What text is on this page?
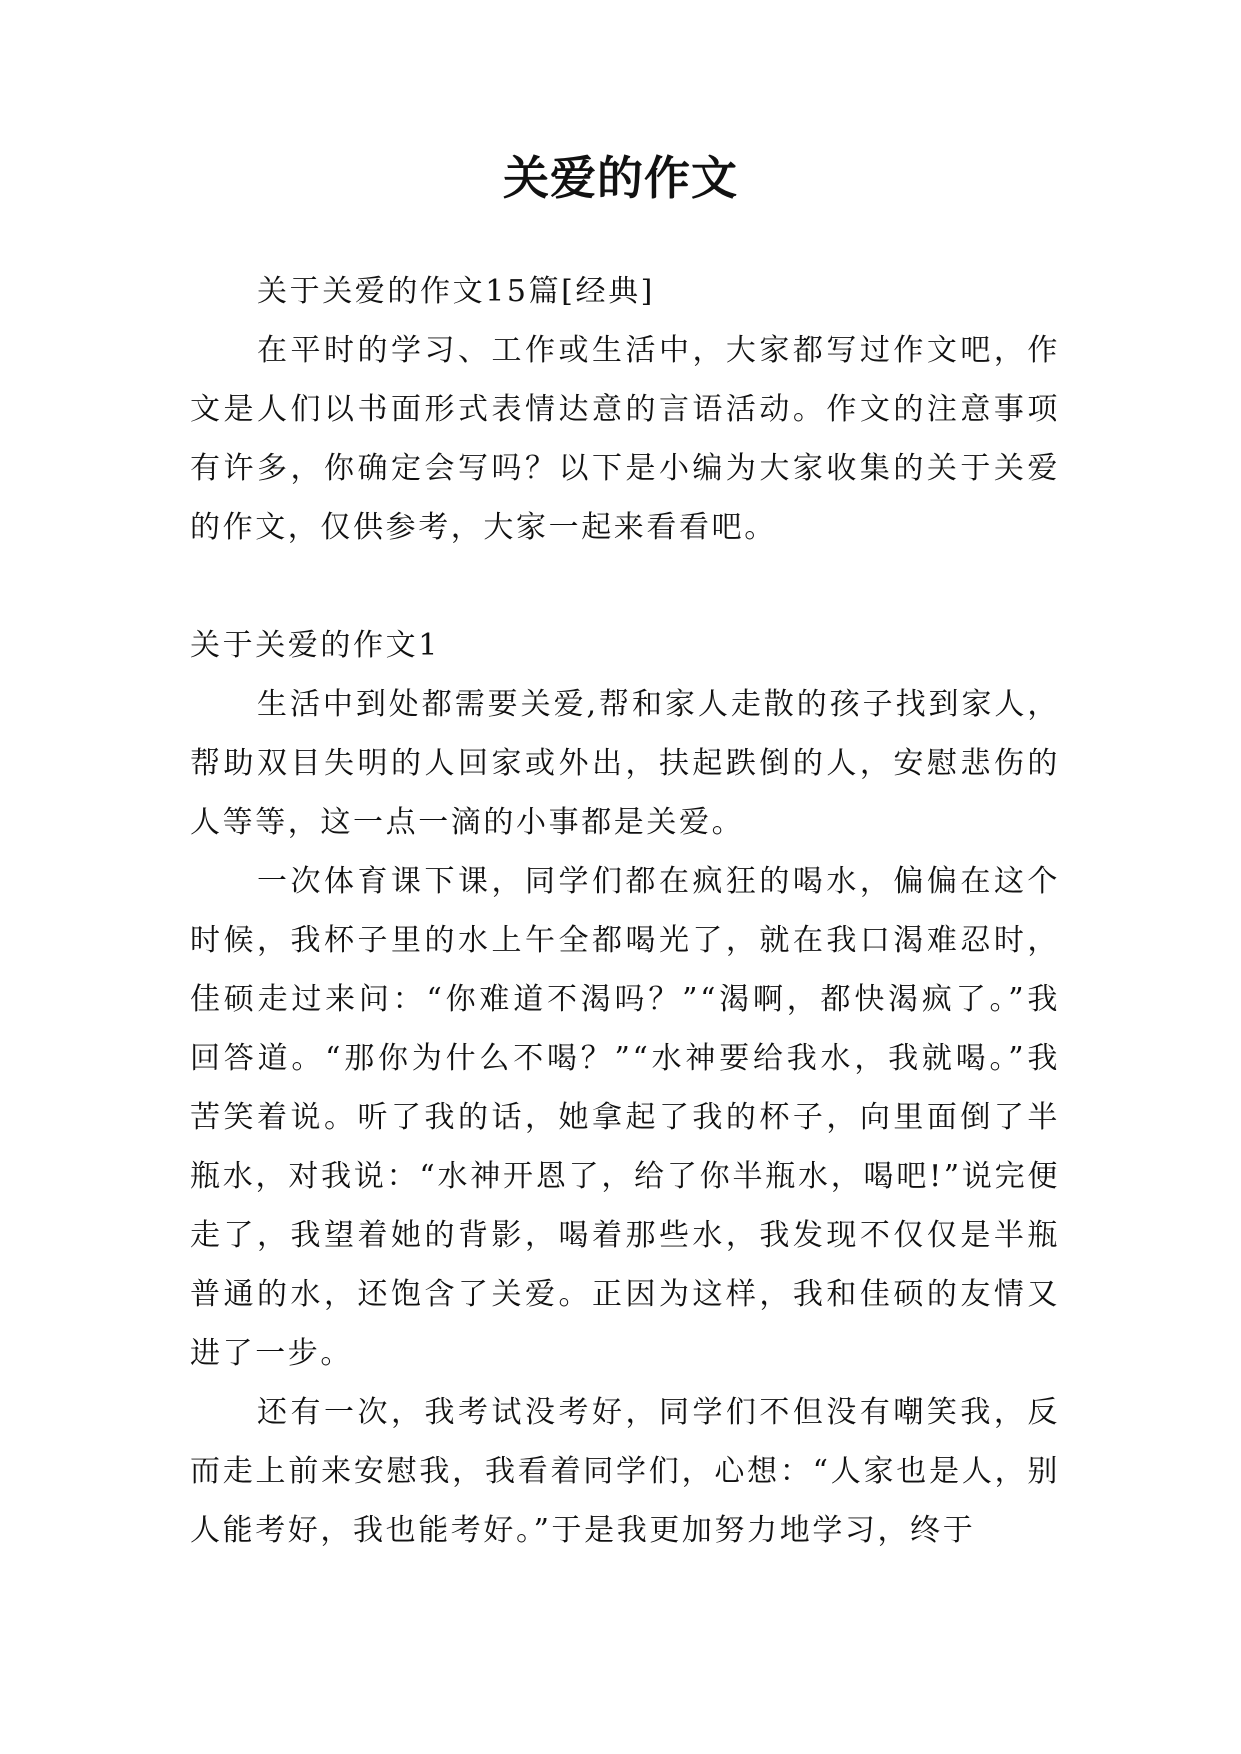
关爱的作文

关于关爱的作文15篇[经典]

在平时的学习、工作或生活中，大家都写过作文吧，作文是人们以书面形式表情达意的言语活动。作文的注意事项有许多，你确定会写吗？以下是小编为大家收集的关于关爱的作文，仅供参考，大家一起来看看吧。

关于关爱的作文1

生活中到处都需要关爱,帮和家人走散的孩子找到家人，帮助双目失明的人回家或外出，扶起跌倒的人，安慰悲伤的人等等，这一点一滴的小事都是关爱。

一次体育课下课，同学们都在疯狂的喝水，偏偏在这个时候，我杯子里的水上午全都喝光了，就在我口渴难忍时，佳硕走过来问：“你难道不渴吗？”“渴啊，都快渴疯了。”我回答道。“那你为什么不喝？”“水神要给我水，我就喝。”我苦笑着说。听了我的话，她拿起了我的杯子，向里面倒了半瓶水，对我说：“水神开恩了，给了你半瓶水，喝吧!”说完便走了，我望着她的背影，喝着那些水，我发现不仅仅是半瓶普通的水，还饱含了关爱。正因为这样，我和佳硕的友情又进了一步。

还有一次，我考试没考好，同学们不但没有嘲笑我，反而走上前来安慰我，我看着同学们，心想：“人家也是人，别人能考好，我也能考好。”于是我更加努力地学习，终于
